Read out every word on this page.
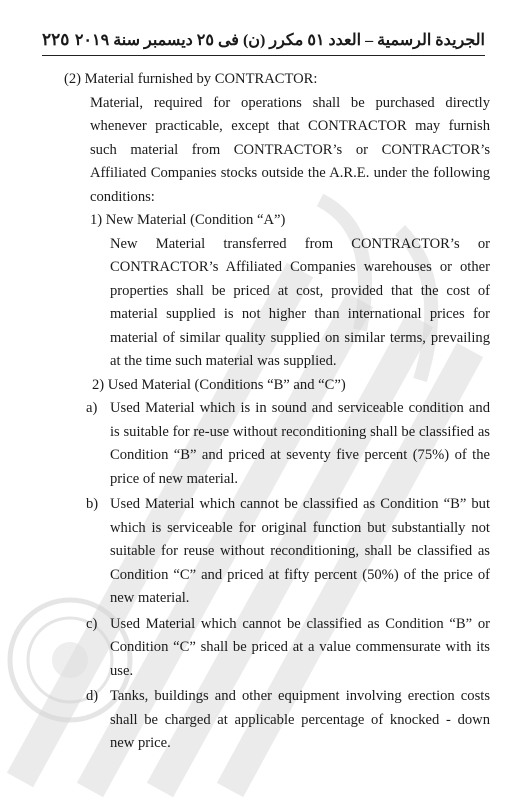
٢٢٥ الجريدة الرسمية – العدد ٥١ مكرر (ن) فى ٢٥ ديسمبر سنة ٢٠١٩

(2) Material furnished by CONTRACTOR:

Material, required for operations shall be purchased directly whenever practicable, except that CONTRACTOR may furnish such material from CONTRACTOR’s or CONTRACTOR’s Affiliated Companies stocks outside the A.R.E. under the following conditions:

1) New Material (Condition “A”)

New Material transferred from CONTRACTOR’s or CONTRACTOR’s Affiliated Companies warehouses or other properties shall be priced at cost, provided that the cost of material supplied is not higher than international prices for material of similar quality supplied on similar terms, prevailing at the time such material was supplied.

2) Used Material (Conditions “B” and “C”)

a) Used Material which is in sound and serviceable condition and is suitable for re-use without reconditioning shall be classified as Condition “B” and priced at seventy five percent (75%) of the price of new material.
b) Used Material which cannot be classified as Condition “B” but which is serviceable for original function but substantially not suitable for reuse without reconditioning, shall be classified as Condition “C” and priced at fifty percent (50%) of the price of new material.
c) Used Material which cannot be classified as Condition “B” or Condition “C” shall be priced at a value commensurate with its use.
d) Tanks, buildings and other equipment involving erection costs shall be charged at applicable percentage of knocked - down new price.
